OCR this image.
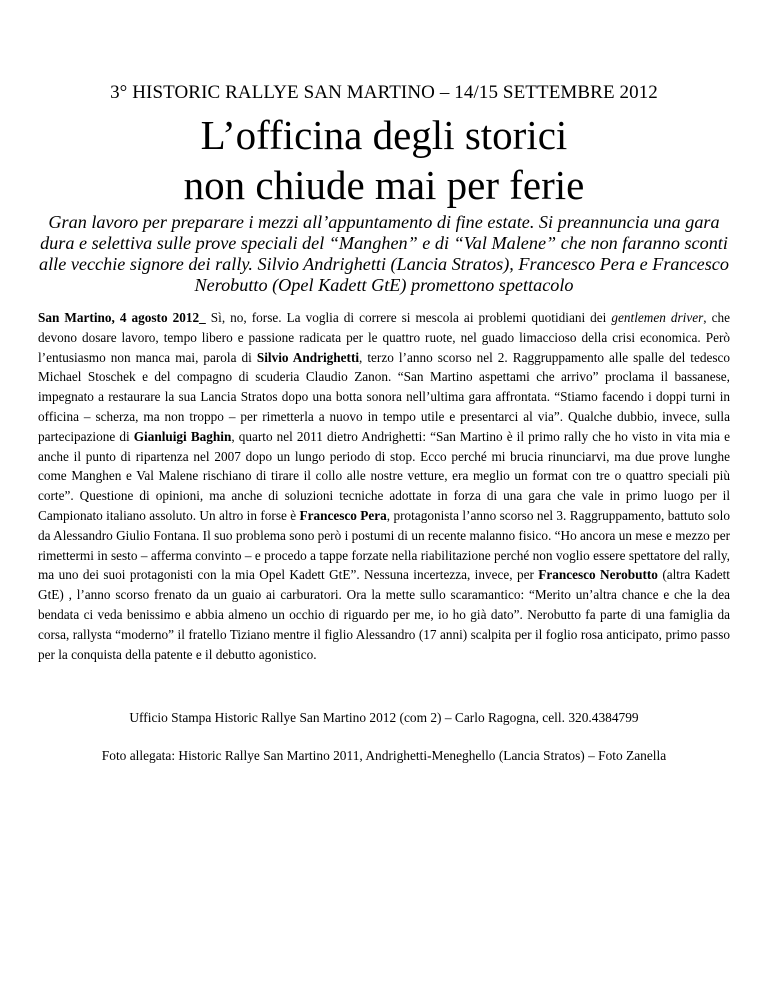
3° HISTORIC RALLYE SAN MARTINO – 14/15 SETTEMBRE 2012
L’officina degli storici
non chiude mai per ferie
Gran lavoro per preparare i mezzi all’appuntamento di fine estate. Si preannuncia una gara dura e selettiva sulle prove speciali del “Manghen” e di “Val Malene” che non faranno sconti alle vecchie signore dei rally. Silvio Andrighetti (Lancia Stratos), Francesco Pera e Francesco Nerobutto (Opel Kadett GtE) promettono spettacolo
San Martino, 4 agosto 2012_ Sì, no, forse. La voglia di correre si mescola ai problemi quotidiani dei gentlemen driver, che devono dosare lavoro, tempo libero e passione radicata per le quattro ruote, nel guado limaccioso della crisi economica. Però l’entusiasmo non manca mai, parola di Silvio Andrighetti, terzo l’anno scorso nel 2. Raggruppamento alle spalle del tedesco Michael Stoschek e del compagno di scuderia Claudio Zanon. “San Martino aspettami che arrivo” proclama il bassanese, impegnato a restaurare la sua Lancia Stratos dopo una botta sonora nell’ultima gara affrontata. “Stiamo facendo i doppi turni in officina – scherza, ma non troppo – per rimetterla a nuovo in tempo utile e presentarci al via”. Qualche dubbio, invece, sulla partecipazione di Gianluigi Baghin, quarto nel 2011 dietro Andrighetti: “San Martino è il primo rally che ho visto in vita mia e anche il punto di ripartenza nel 2007 dopo un lungo periodo di stop. Ecco perché mi brucia rinunciarvi, ma due prove lunghe come Manghen e Val Malene rischiano di tirare il collo alle nostre vetture, era meglio un format con tre o quattro speciali più corte”. Questione di opinioni, ma anche di soluzioni tecniche adottate in forza di una gara che vale in primo luogo per il Campionato italiano assoluto. Un altro in forse è Francesco Pera, protagonista l’anno scorso nel 3. Raggruppamento, battuto solo da Alessandro Giulio Fontana. Il suo problema sono però i postumi di un recente malanno fisico. “Ho ancora un mese e mezzo per rimettermi in sesto – afferma convinto – e procedo a tappe forzate nella riabilitazione perché non voglio essere spettatore del rally, ma uno dei suoi protagonisti con la mia Opel Kadett GtE”. Nessuna incertezza, invece, per Francesco Nerobutto (altra Kadett GtE) , l’anno scorso frenato da un guaio ai carburatori. Ora la mette sullo scaramantico: “Merito un’altra chance e che la dea bendata ci veda benissimo e abbia almeno un occhio di riguardo per me, io ho già dato”. Nerobutto fa parte di una famiglia da corsa, rallysta “moderno” il fratello Tiziano mentre il figlio Alessandro (17 anni) scalpita per il foglio rosa anticipato, primo passo per la conquista della patente e il debutto agonistico.
Ufficio Stampa Historic Rallye San Martino 2012 (com 2) – Carlo Ragogna, cell. 320.4384799
Foto allegata: Historic Rallye San Martino 2011, Andrighetti-Meneghello (Lancia Stratos) – Foto Zanella
